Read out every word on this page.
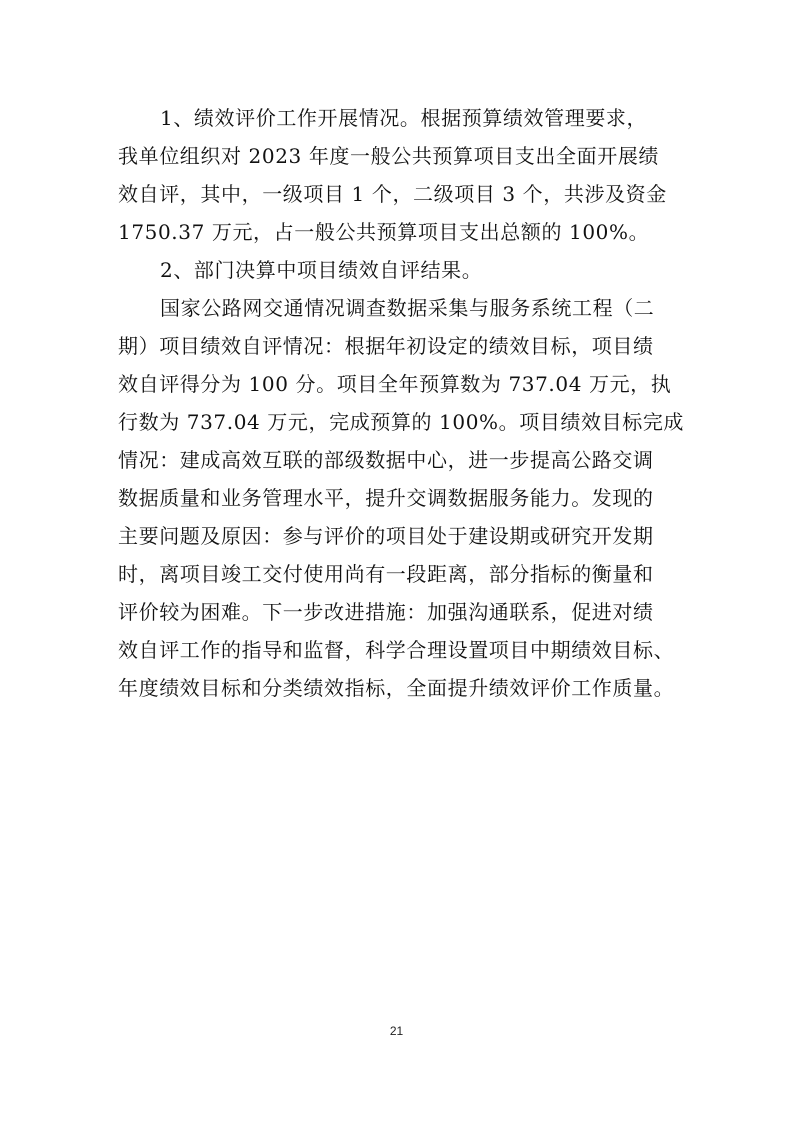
1、绩效评价工作开展情况。根据预算绩效管理要求，
我单位组织对 2023 年度一般公共预算项目支出全面开展绩
效自评，其中，一级项目 1 个，二级项目 3 个，共涉及资金
1750.37 万元，占一般公共预算项目支出总额的 100%。
2、部门决算中项目绩效自评结果。
国家公路网交通情况调查数据采集与服务系统工程（二
期）项目绩效自评情况：根据年初设定的绩效目标，项目绩
效自评得分为 100 分。项目全年预算数为 737.04 万元，执
行数为 737.04 万元，完成预算的 100%。项目绩效目标完成
情况：建成高效互联的部级数据中心，进一步提高公路交调
数据质量和业务管理水平，提升交调数据服务能力。发现的
主要问题及原因：参与评价的项目处于建设期或研究开发期
时，离项目竣工交付使用尚有一段距离，部分指标的衡量和
评价较为困难。下一步改进措施：加强沟通联系，促进对绩
效自评工作的指导和监督，科学合理设置项目中期绩效目标、
年度绩效目标和分类绩效指标，全面提升绩效评价工作质量。
21
